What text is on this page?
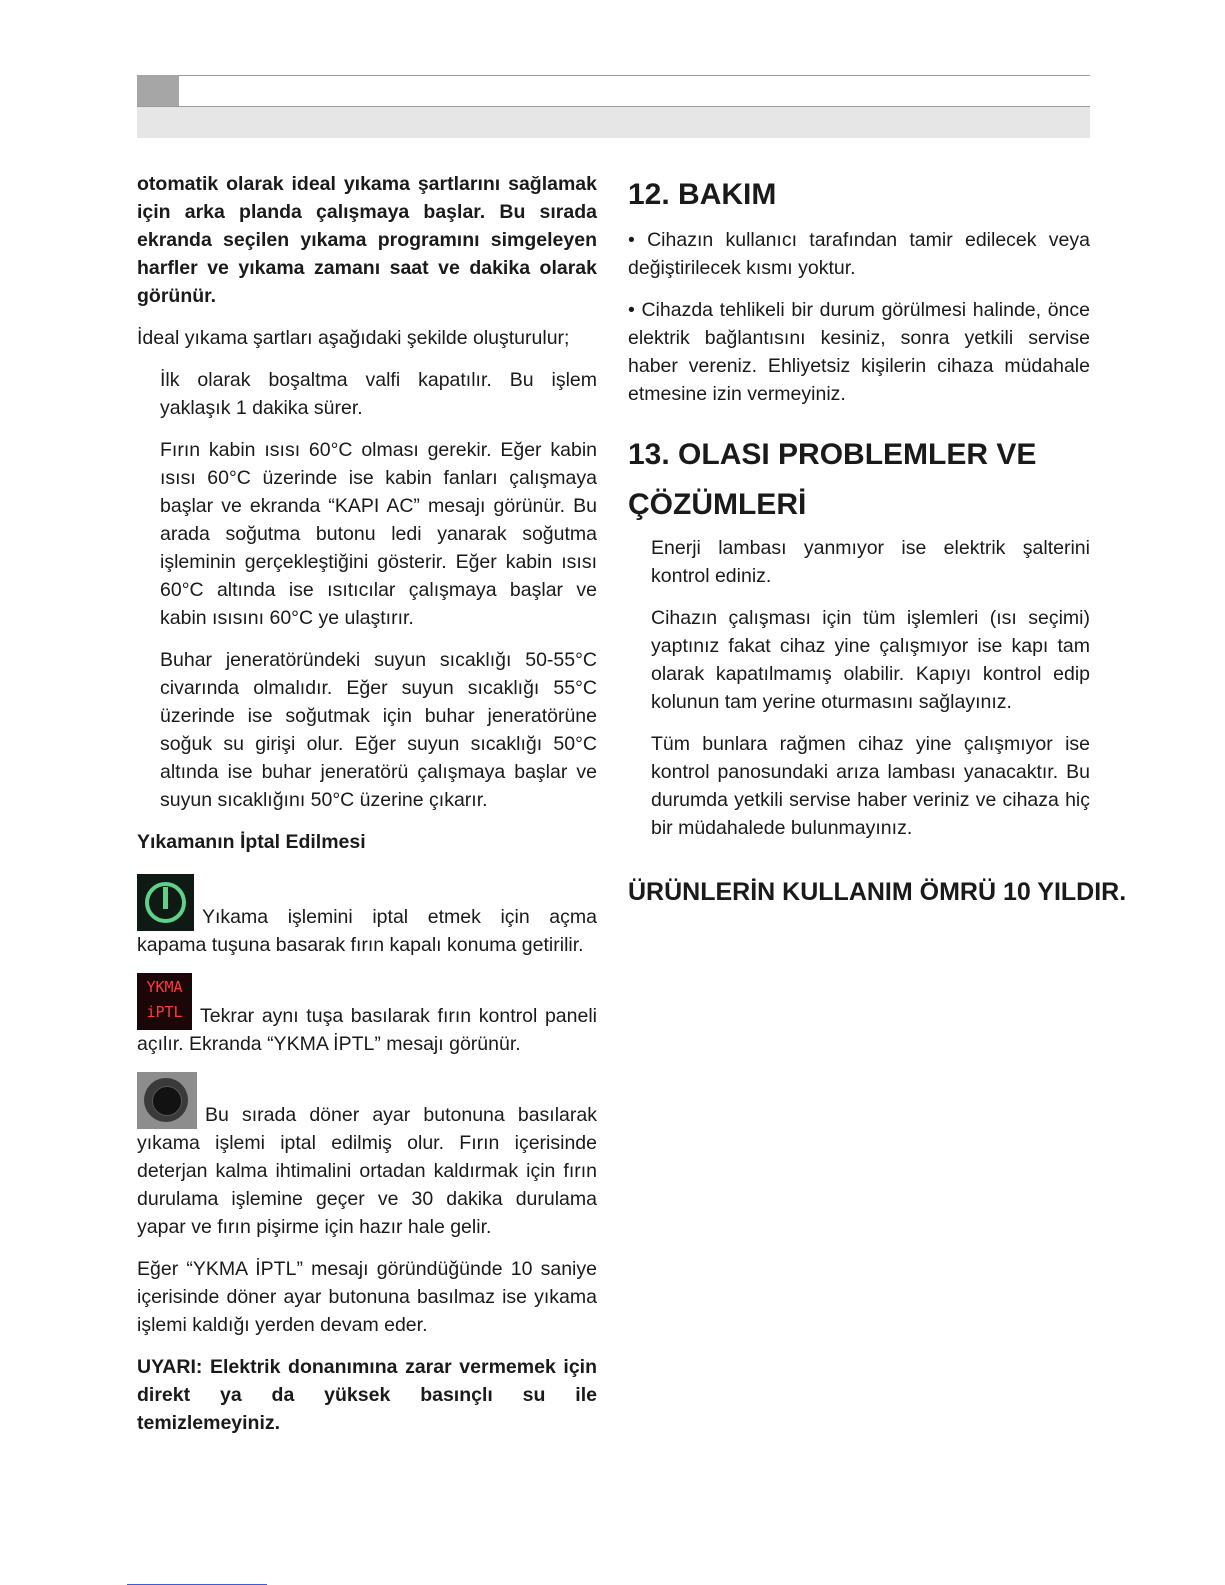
otomatik olarak ideal yıkama şartlarını sağlamak için arka planda çalışmaya başlar. Bu sırada ekranda seçilen yıkama programını simgeleyen harfler ve yıkama zamanı saat ve dakika olarak görünür.

İdeal yıkama şartları aşağıdaki şekilde oluşturulur;

İlk olarak boşaltma valfi kapatılır. Bu işlem yaklaşık 1 dakika sürer.

Fırın kabin ısısı 60°C olması gerekir. Eğer kabin ısısı 60°C üzerinde ise kabin fanları çalışmaya başlar ve ekranda “KAPI AC” mesajı görünür. Bu arada soğutma butonu ledi yanarak soğutma işleminin gerçekleştiğini gösterir. Eğer kabin ısısı 60°C altında ise ısıtıcılar çalışmaya başlar ve kabin ısısını 60°C ye ulaştırır.

Buhar jeneratöründeki suyun sıcaklığı 50-55°C civarında olmalıdır. Eğer suyun sıcaklığı 55°C üzerinde ise soğutmak için buhar jeneratörüne soğuk su girişi olur. Eğer suyun sıcaklığı 50°C altında ise buhar jeneratörü çalışmaya başlar ve suyun sıcaklığını 50°C üzerine çıkarır.

Yıkamanın İptal Edilmesi

Yıkama işlemini iptal etmek için açma kapama tuşuna basarak fırın kapalı konuma getirilir.

YKMA
iPTL Tekrar aynı tuşa basılarak fırın kontrol paneli açılır. Ekranda “YKMA İPTL” mesajı görünür.

Bu sırada döner ayar butonuna basılarak yıkama işlemi iptal edilmiş olur. Fırın içerisinde deterjan kalma ihtimalini ortadan kaldırmak için fırın durulama işlemine geçer ve 30 dakika durulama yapar ve fırın pişirme için hazır hale gelir.

Eğer “YKMA İPTL” mesajı göründüğünde 10 saniye içerisinde döner ayar butonuna basılmaz ise yıkama işlemi kaldığı yerden devam eder.

UYARI: Elektrik donanımına zarar vermemek için direkt ya da yüksek basınçlı su ile temizlemeyiniz.

12. BAKIM

• Cihazın kullanıcı tarafından tamir edilecek veya değiştirilecek kısmı yoktur.

• Cihazda tehlikeli bir durum görülmesi halinde, önce elektrik bağlantısını kesiniz, sonra yetkili servise haber vereniz. Ehliyetsiz kişilerin cihaza müdahale etmesine izin vermeyiniz.

13. OLASI PROBLEMLER VE ÇÖZÜMLERİ

Enerji lambası yanmıyor ise elektrik şalterini kontrol ediniz.

Cihazın çalışması için tüm işlemleri (ısı seçimi) yaptınız fakat cihaz yine çalışmıyor ise kapı tam olarak kapatılmamış olabilir. Kapıyı kontrol edip kolunun tam yerine oturmasını sağlayınız.

Tüm bunlara rağmen cihaz yine çalışmıyor ise kontrol panosundaki arıza lambası yanacaktır. Bu durumda yetkili servise haber veriniz ve cihaza hiç bir müdahalede bulunmayınız.

ÜRÜNLERİN KULLANIM ÖMRÜ 10 YILDIR.
